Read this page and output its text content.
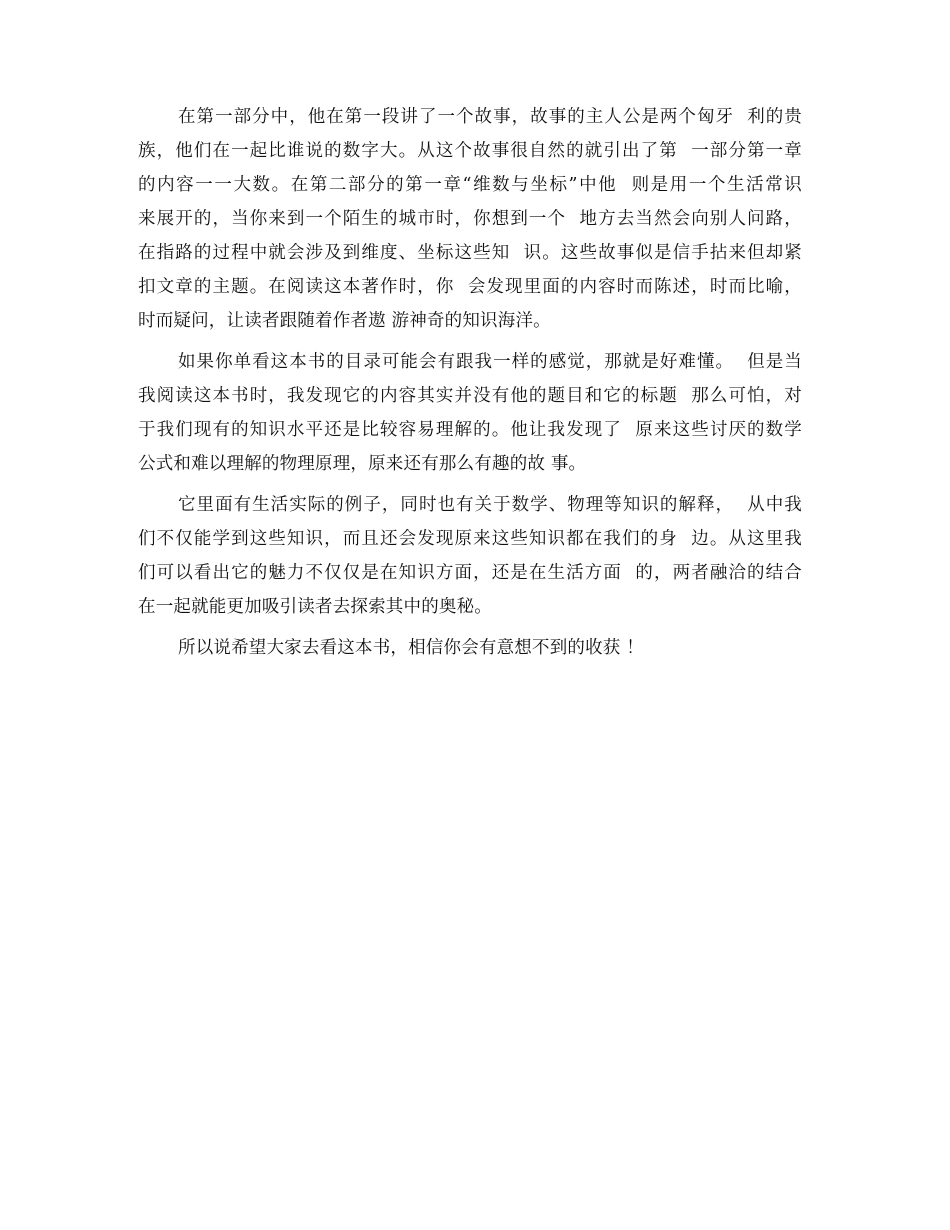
在第一部分中，他在第一段讲了一个故事，故事的主人公是两个匈牙  利的贵
族，他们在一起比谁说的数字大。从这个故事很自然的就引出了第  一部分第一章
的内容一一大数。在第二部分的第一章“维数与坐标”中他  则是用一个生活常识
来展开的，当你来到一个陌生的城市时，你想到一个  地方去当然会向别人问路，
在指路的过程中就会涉及到维度、坐标这些知  识。这些故事似是信手拈来但却紧
扣文章的主题。在阅读这本著作时，你  会发现里面的内容时而陈述，时而比喻，
时而疑问，让读者跟随着作者遨 游神奇的知识海洋。
如果你单看这本书的目录可能会有跟我一样的感觉，那就是好难懂。  但是当
我阅读这本书时，我发现它的内容其实并没有他的题目和它的标题  那么可怕，对
于我们现有的知识水平还是比较容易理解的。他让我发现了  原来这些讨厌的数学
公式和难以理解的物理原理，原来还有那么有趣的故 事。
它里面有生活实际的例子，同时也有关于数学、物理等知识的解释，  从中我
们不仅能学到这些知识，而且还会发现原来这些知识都在我们的身  边。从这里我
们可以看出它的魅力不仅仅是在知识方面，还是在生活方面  的，两者融洽的结合
在一起就能更加吸引读者去探索其中的奥秘。
所以说希望大家去看这本书，相信你会有意想不到的收获 ！
